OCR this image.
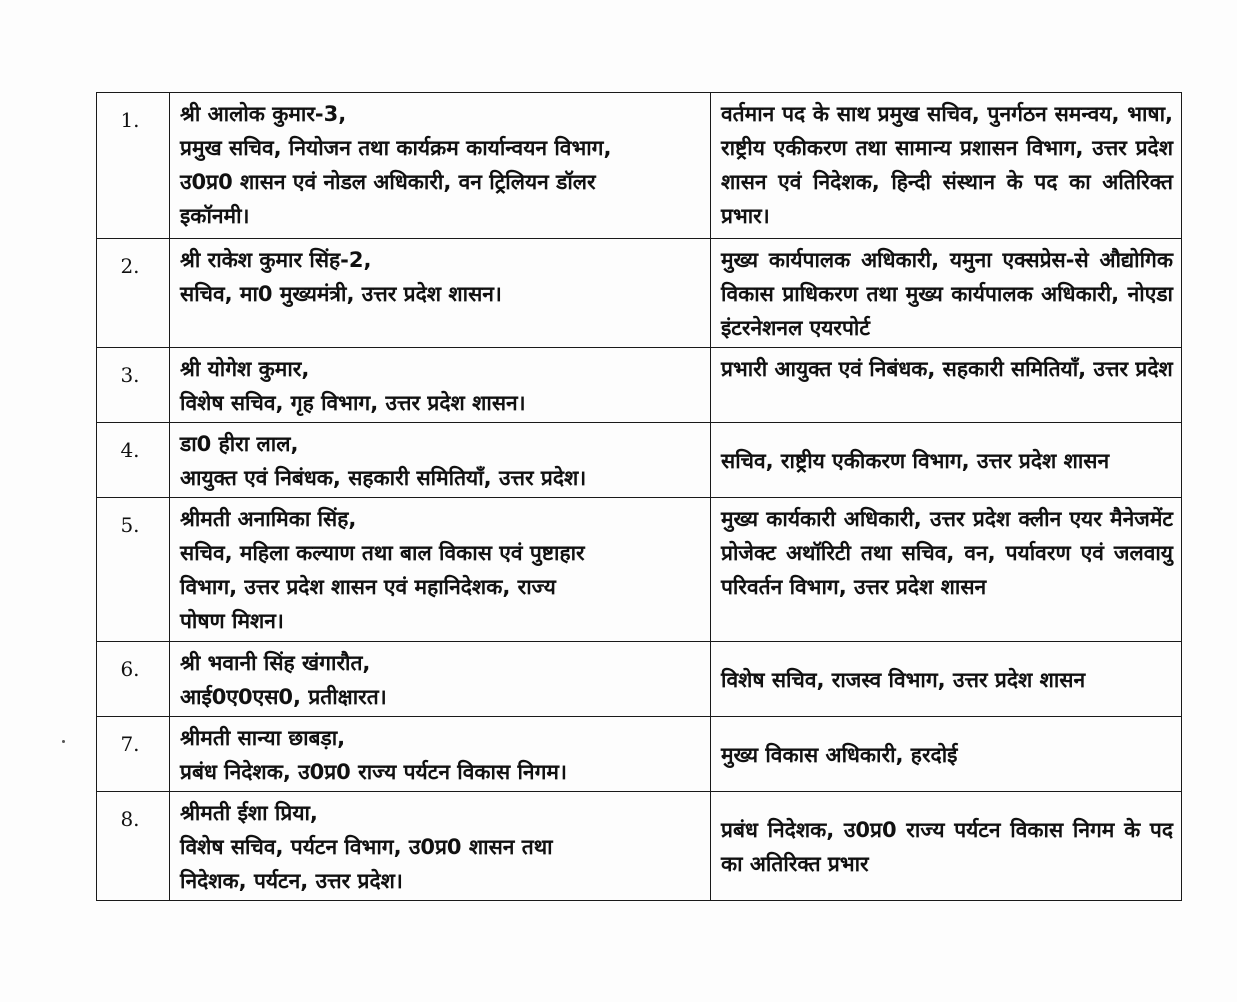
1.	श्री आलोक कुमार-3,
प्रमुख सचिव, नियोजन तथा कार्यक्रम कार्यान्वयन विभाग,
उ0प्र0 शासन एवं नोडल अधिकारी, वन ट्रिलियन डॉलर
इकॉनमी।	वर्तमान पद के साथ प्रमुख सचिव, पुनर्गठन समन्वय, भाषा, राष्ट्रीय एकीकरण तथा सामान्य प्रशासन विभाग, उत्तर प्रदेश शासन एवं निदेशक, हिन्दी संस्थान के पद का अतिरिक्त प्रभार।

2.	श्री राकेश कुमार सिंह-2,
सचिव, मा0 मुख्यमंत्री, उत्तर प्रदेश शासन।	मुख्य कार्यपालक अधिकारी, यमुना एक्सप्रेस-से औद्योगिक विकास प्राधिकरण तथा मुख्य कार्यपालक अधिकारी, नोएडा इंटरनेशनल एयरपोर्ट

3.	श्री योगेश कुमार,
विशेष सचिव, गृह विभाग, उत्तर प्रदेश शासन।	प्रभारी आयुक्त एवं निबंधक, सहकारी समितियाँ, उत्तर प्रदेश

4.	डा0 हीरा लाल,
आयुक्त एवं निबंधक, सहकारी समितियाँ, उत्तर प्रदेश।	सचिव, राष्ट्रीय एकीकरण विभाग, उत्तर प्रदेश शासन

5.	श्रीमती अनामिका सिंह,
सचिव, महिला कल्याण तथा बाल विकास एवं पुष्टाहार
विभाग, उत्तर प्रदेश शासन एवं महानिदेशक, राज्य
पोषण मिशन।	मुख्य कार्यकारी अधिकारी, उत्तर प्रदेश क्लीन एयर मैनेजमेंट प्रोजेक्ट अथॉरिटी तथा सचिव, वन, पर्यावरण एवं जलवायु परिवर्तन विभाग, उत्तर प्रदेश शासन

6.	श्री भवानी सिंह खंगारौत,
आई0ए0एस0, प्रतीक्षारत।	विशेष सचिव, राजस्व विभाग, उत्तर प्रदेश शासन

7.	श्रीमती सान्या छाबड़ा,
प्रबंध निदेशक, उ0प्र0 राज्य पर्यटन विकास निगम।	मुख्य विकास अधिकारी, हरदोई

8.	श्रीमती ईशा प्रिया,
विशेष सचिव, पर्यटन विभाग, उ0प्र0 शासन तथा
निदेशक, पर्यटन, उत्तर प्रदेश।	प्रबंध निदेशक, उ0प्र0 राज्य पर्यटन विकास निगम के पद का अतिरिक्त प्रभार
